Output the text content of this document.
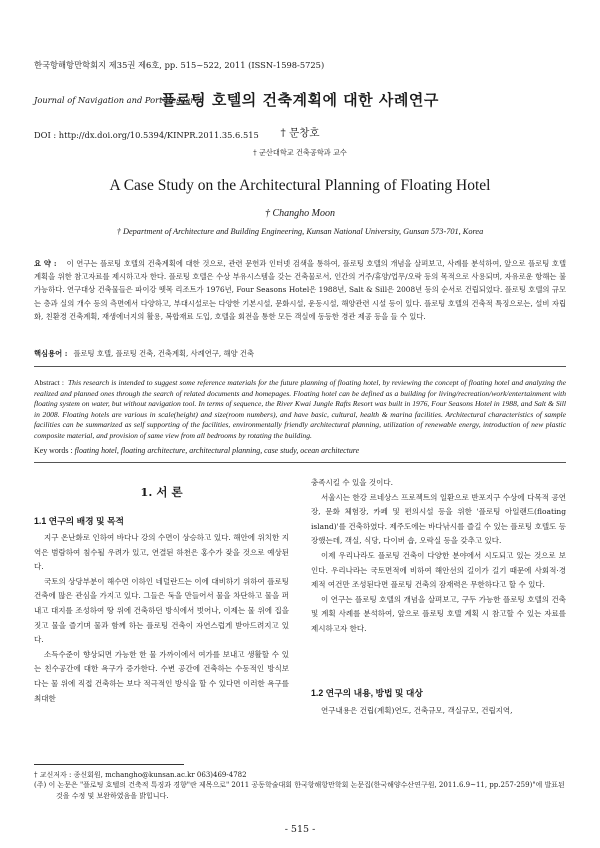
한국항해항만학회지 제35권 제6호, pp. 515~522, 2011 (ISSN-1598-5725)

Journal of Navigation and Port Research

DOI : http://dx.doi.org/10.5394/KINPR.2011.35.6.515

플로팅 호텔의 건축계획에 대한 사례연구
† 문창호
† 군산대학교 건축공학과 교수
A Case Study on the Architectural Planning of Floating Hotel
† Changho Moon
† Department of Architecture and Building Engineering, Kunsan National University, Gunsan 573-701, Korea
요 약 : 이 연구는 플로팅 호텔의 건축계획에 대한 것으로, 관련 문헌과 인터넷 검색을 통하여, 플로팅 호텔의 개념을 살펴보고, 사례를 분석하여, 앞으로 플로팅 호텔 계획을 위한 참고자료를 제시하고자 한다. 플로팅 호텔은 수상 부유시스템을 갖는 건축물로서, 인간의 거주/휴양/업무/오락 등의 목적으로 사용되며, 자유로운 항해는 불가능하다. 연구대상 건축물들은 파이강 뗏목 리조트가 1976년, Four Seasons Hotel은 1988년, Salt & Sill은 2008년 등의 순서로 건립되었다. 플로팅 호텔의 규모는 층과 실의 개수 등의 측면에서 다양하고, 부대시설로는 다양한 기본시설, 문화시설, 운동시설, 해양관련 시설 등이 있다. 플로팅 호텔의 건축적 특징으로는, 설비 자립화, 친환경 건축계획, 재생에너지의 활용, 복합재료 도입, 호텔을 회전을 통한 모든 객실에 동등한 경관 제공 등을 들 수 있다.
핵심용어 : 플로팅 호텔, 플로팅 건축, 건축계획, 사례연구, 해양 건축
Abstract : This research is intended to suggest some reference materials for the future planning of floating hotel, by reviewing the concept of floating hotel and analyzing the realized and planned ones through the search of related documents and homepages. Floating hotel can be defined as a building for living/recreation/work/entertainment with floating system on water, but without navigation tool. In terms of sequence, the River Kwai Jungle Rafts Resort was built in 1976, Four Seasons Hotel in 1988, and Salt & Sill in 2008. Floating hotels are various in scale(height) and size(room numbers), and have basic, cultural, health & marina facilities. Architectural characteristics of sample facilities can be summarized as self supporting of the facilities, environmentally friendly architectural planning, utilization of renewable energy, introduction of new plastic composite material, and provision of same view from all bedrooms by rotating the building.
Key words : floating hotel, floating architecture, architectural planning, case study, ocean architecture
1. 서 론
1.1 연구의 배경 및 목적

지구 온난화로 인하여 바다나 강의 수면이 상승하고 있다. 해안에 위치한 지역은 범람하여 침수될 우려가 있고, 연결된 하천은 홍수가 잦을 것으로 예상된다.

국토의 상당부분이 해수면 이하인 네덜란드는 이에 대비하기 위하여 플로팅 건축에 많은 관심을 가지고 있다. 그들은 둑을 만들어서 물을 차단하고 물을 퍼내고 대지를 조성하여 땅 위에 건축하던 방식에서 벗어나, 이제는 물 위에 집을 짓고 물을 즐기며 물과 함께 하는 플로팅 건축이 자연스럽게 받아드려지고 있다.

소득수준이 향상되면 가능한 한 물 가까이에서 여가를 보내고 생활할 수 있는 친수공간에 대한 욕구가 증가한다. 수변 공간에 건축하는 수동적인 방식보다는 물 위에 직접 건축하는 보다 적극적인 방식을 할 수 있다면 이러한 욕구를 최대한

충족시킬 수 있을 것이다.

서울시는 한강 르네상스 프로젝트의 일환으로 반포지구 수상에 다목적 공연장, 문화 체험장, 카페 및 편의시설 등을 위한 '플로팅 아일랜드(floating island)'를 건축하였다. 제주도에는 바다낚시를 즐길 수 있는 플로팅 호텔도 등장했는데, 객실, 식당, 다이버 숍, 오락실 등을 갖추고 있다.

이제 우리나라도 플로팅 건축이 다양한 분야에서 시도되고 있는 것으로 보인다. 우리나라는 국토면적에 비하여 해안선의 길이가 길기 때문에 사회적·경제적 여건만 조성된다면 플로팅 건축의 잠재력은 무한하다고 할 수 있다.

이 연구는 플로팅 호텔의 개념을 살펴보고, 구두 가능한 플로팅 호텔의 건축 및 계획 사례를 분석하여, 앞으로 플로팅 호텔 계획 시 참고할 수 있는 자료를 제시하고자 한다.

1.2 연구의 내용, 방법 및 대상

연구내용은 건립(계획)연도, 건축규모, 객실규모, 건립지역,

† 교신저자 : 종신회원, mchangho@kunsan.ac.kr 063)469-4782
(주) 이 논문은 "플로팅 호텔의 건축적 특징과 경향"란 제목으로" 2011 공동학술대회 한국항해항만학회 논문집(한국해양수산연구원, 2011.6.9~11, pp.257-259)"에 발표된 것을 수정 및 보완하였음을 밝힙니다.
- 515 -
